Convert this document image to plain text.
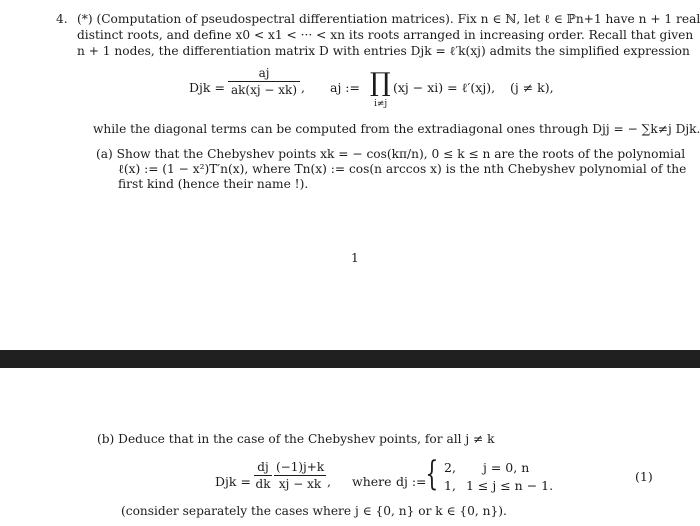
4. (*) (Computation of pseudospectral differentiation matrices). Fix n ∈ ℕ, let ℓ ∈ ℙn+1 have n + 1 real
distinct roots, and define x0 < x1 < ··· < xn its roots arranged in increasing order. Recall that given
n + 1 nodes, the differentiation matrix D with entries Djk = ℓ′k(xj) admits the simplified expression
Djk = $\frac{aj}{ak(xj - xk)}$ , aj := ∏
i≠j
(xj − xi) = ℓ′(xj), (j ≠ k),
while the diagonal terms can be computed from the extradiagonal ones through Djj = − ∑k≠j Djk.
(a) Show that the Chebyshev points xk = − cos(kπ/n), 0 ≤ k ≤ n are the roots of the polynomial
ℓ(x) := (1 − x²)T′n(x), where Tn(x) := cos(n arccos x) is the nth Chebyshev polynomial of the
first kind (hence their name !).
1
(b) Deduce that in the case of the Chebyshev points, for all j ≠ k
Djk = $\frac{dj}{dk} \frac{(-1)j+k}{xj - xk}$ , where dj :=
{ 2, j = 0, n
1, 1 ≤ j ≤ n − 1.
(1)
(consider separately the cases where j ∈ {0, n} or k ∈ {0, n}).
